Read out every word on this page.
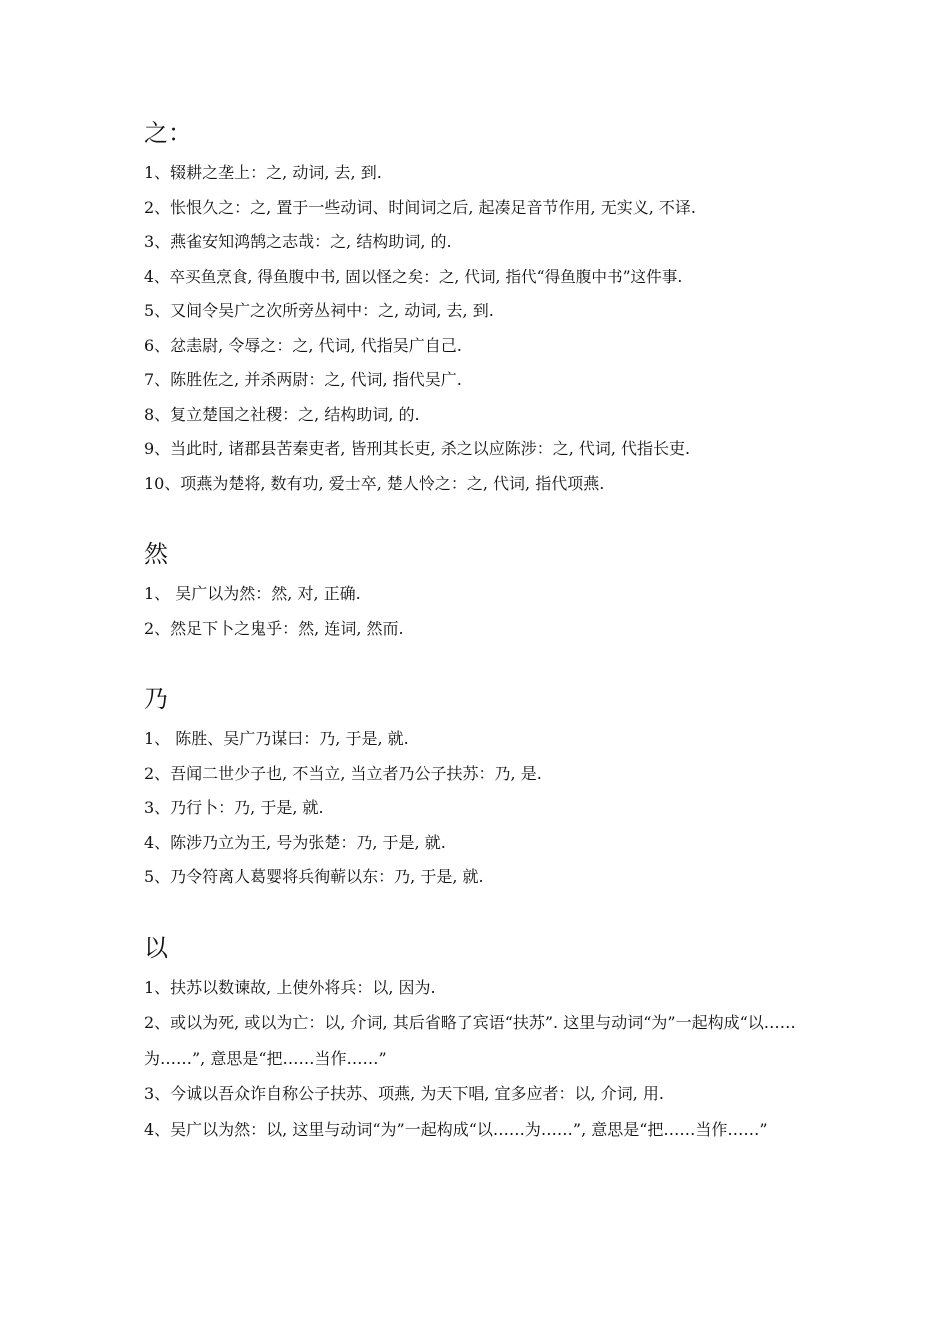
之：
1、辍耕之垄上：之, 动词, 去, 到.
2、怅恨久之：之, 置于一些动词、时间词之后, 起凑足音节作用, 无实义, 不译.
3、燕雀安知鸿鹄之志哉：之, 结构助词, 的.
4、卒买鱼烹食, 得鱼腹中书, 固以怪之矣：之, 代词, 指代“得鱼腹中书”这件事.
5、又间令吴广之次所旁丛祠中：之, 动词, 去, 到.
6、忿恚尉, 令辱之：之, 代词, 代指吴广自己.
7、陈胜佐之, 并杀两尉：之, 代词, 指代吴广.
8、复立楚国之社稷：之, 结构助词, 的.
9、当此时, 诸郡县苦秦吏者, 皆刑其长吏, 杀之以应陈涉：之, 代词, 代指长吏.
10、项燕为楚将, 数有功, 爱士卒, 楚人怜之：之, 代词, 指代项燕.
然
1、 吴广以为然：然, 对, 正确.
2、然足下卜之鬼乎：然, 连词, 然而.
乃
1、 陈胜、吴广乃谋曰：乃, 于是, 就.
2、吾闻二世少子也, 不当立, 当立者乃公子扶苏：乃, 是.
3、乃行卜：乃, 于是, 就.
4、陈涉乃立为王, 号为张楚：乃, 于是, 就.
5、乃令符离人葛婴将兵徇蕲以东：乃, 于是, 就.
以
1、扶苏以数谏故, 上使外将兵：以, 因为.
2、或以为死, 或以为亡：以, 介词, 其后省略了宾语“扶苏”. 这里与动词“为”一起构成“以……为……”, 意思是“把……当作……”
3、今诚以吾众诈自称公子扶苏、项燕, 为天下唱, 宜多应者：以, 介词, 用.
4、吴广以为然：以, 这里与动词“为”一起构成“以……为……”, 意思是“把……当作……”
